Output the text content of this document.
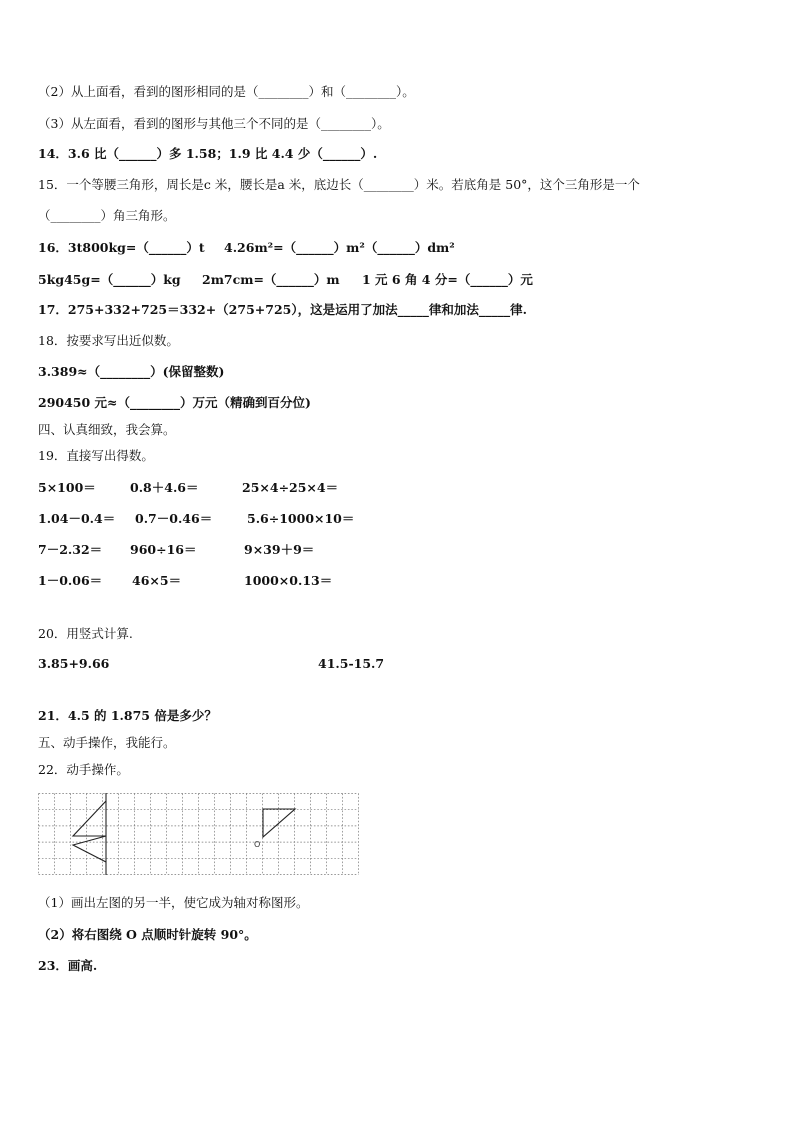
（2）从上面看，看到的图形相同的是（________）和（________）。
（3）从左面看，看到的图形与其他三个不同的是（________）。
14．3.6 比（______）多 1.58；1.9 比 4.4 少（______）.
15．一个等腰三角形，周长是c 米，腰长是a 米，底边长（________）米。若底角是 50°，这个三角形是一个
（________）角三角形。
16．3t800kg=（______）t 4.26m²=（______）m²（______）dm²
5kg45g=（______）kg 2m7cm=（______）m 1 元 6 角 4 分=（______）元
17．275+332+725＝332+（275+725），这是运用了加法_____律和加法_____律.
18．按要求写出近似数。
3.389≈（________）(保留整数)
290450 元≈（________）万元（精确到百分位)
四、认真细致，我会算。
19．直接写出得数。
5×100＝	0.8＋4.6＝	25×4÷25×4＝
1.04－0.4＝ 0.7－0.46＝	5.6÷1000×10＝
7－2.32＝ 960÷16＝	9×39＋9＝
1－0.06＝ 46×5＝	1000×0.13＝
20．用竖式计算.
3.85+9.66	41.5-15.7
21．4.5 的 1.875 倍是多少？
五、动手操作，我能行。
22．动手操作。
O
（1）画出左图的另一半，使它成为轴对称图形。
（2）将右图绕 O 点顺时针旋转 90°。
23．画高.
